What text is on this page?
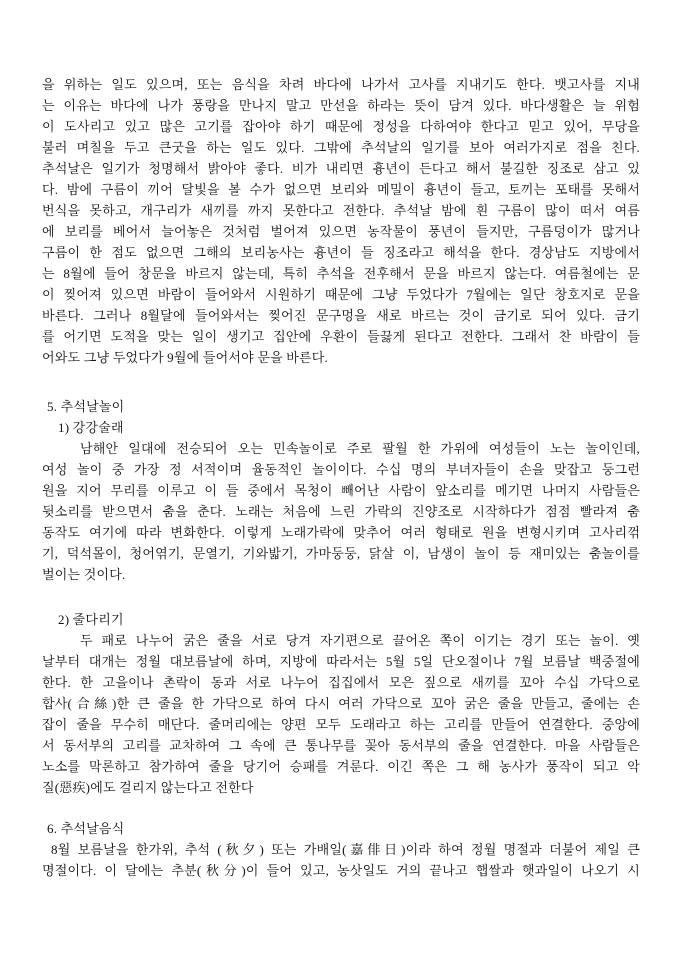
을 위하는 일도 있으며, 또는 음식을 차려 바다에 나가서 고사를 지내기도 한다. 뱃고사를 지내
는 이유는 바다에 나가 풍랑을 만나지 말고 만선을 하라는 뜻이 담겨 있다. 바다생활은 늘 위험
이 도사리고 있고 많은 고기를 잡아야 하기 때문에 정성을 다하여야 한다고 믿고 있어, 무당을
불러 며칠을 두고 큰굿을 하는 일도 있다. 그밖에 추석날의 일기를 보아 여러가지로 점을 친다.
추석날은 일기가 청명해서 밝아야 좋다. 비가 내리면 흉년이 든다고 해서 불길한 징조로 삼고 있
다. 밤에 구름이 끼어 달빛을 볼 수가 없으면 보리와 메밀이 흉년이 들고, 토끼는 포태를 못해서
번식을 못하고, 개구리가 새끼를 까지 못한다고 전한다. 추석날 밤에 흰 구름이 많이 떠서 여름
에 보리를 베어서 늘어놓은 것처럼 벌어져 있으면 농작물이 풍년이 들지만, 구름덩이가 많거나
구름이 한 점도 없으면 그해의 보리농사는 흉년이 들 징조라고 해석을 한다. 경상남도 지방에서
는 8월에 들어 창문을 바르지 않는데, 특히 추석을 전후해서 문을 바르지 않는다. 여름철에는 문
이 찢어져 있으면 바람이 들어와서 시원하기 때문에 그냥 두었다가 7월에는 일단 창호지로 문을
바른다. 그러나 8월달에 들어와서는 찢어진 문구멍을 새로 바르는 것이 금기로 되어 있다. 금기
를 어기면 도적을 맞는 일이 생기고 집안에 우환이 들끓게 된다고 전한다. 그래서 찬 바람이 들
어와도 그냥 두었다가 9월에 들어서야 문을 바른다.
5. 추석날놀이
1) 강강술래
남해안 일대에 전승되어 오는 민속놀이로 주로 팔월 한 가위에 여성들이 노는 놀이인데,
여성 놀이 중 가장 정 서적이며 율동적인 놀이이다. 수십 명의 부녀자들이 손을 맞잡고 둥그런
원을 지어 무리를 이루고 이 들 중에서 목청이 빼어난 사람이 앞소리를 메기면 나머지 사람들은
뒷소리를 받으면서 춤을 춘다. 노래는 처음에 느린 가락의 진양조로 시작하다가 점점 빨라져 춤
동작도 여기에 따라 변화한다. 이렇게 노래가락에 맞추어 여러 형태로 원을 변형시키며 고사리꺾
기, 덕석몰이, 청어엮기, 문열기, 기와밟기, 가마둥둥, 닭살 이, 남생이 놀이 등 재미있는 춤놀이를
벌이는 것이다.
2) 줄다리기
두 패로 나누어 굵은 줄을 서로 당겨 자기편으로 끌어온 쪽이 이기는 경기 또는 놀이. 옛
날부터 대개는 정월 대보름날에 하며, 지방에 따라서는 5월 5일 단오절이나 7월 보름날 백중절에
한다. 한 고을이나 촌락이 동과 서로 나누어 집집에서 모은 짚으로 새끼를 꼬아 수십 가닥으로
합사(合絲)한 큰 줄을 한 가닥으로 하여 다시 여러 가닥으로 꼬아 굵은 줄을 만들고, 줄에는 손
잡이 줄을 무수히 매단다. 줄머리에는 양편 모두 도래라고 하는 고리를 만들어 연결한다. 중앙에
서 동서부의 고리를 교차하여 그 속에 큰 통나무를 꽂아 동서부의 줄을 연결한다. 마을 사람들은
노소를 막론하고 참가하여 줄을 당기어 승패를 겨룬다. 이긴 쪽은 그 해 농사가 풍작이 되고 악
질(惡疾)에도 걸리지 않는다고 전한다
6. 추석날음식
8월 보름날을 한가위, 추석 (秋夕) 또는 가배일(嘉俳日)이라 하여 정월 명절과 더불어 제일 큰
명절이다. 이 달에는 추분(秋分)이 들어 있고, 농삿일도 거의 끝나고 햅쌀과 햇과일이 나오기 시
